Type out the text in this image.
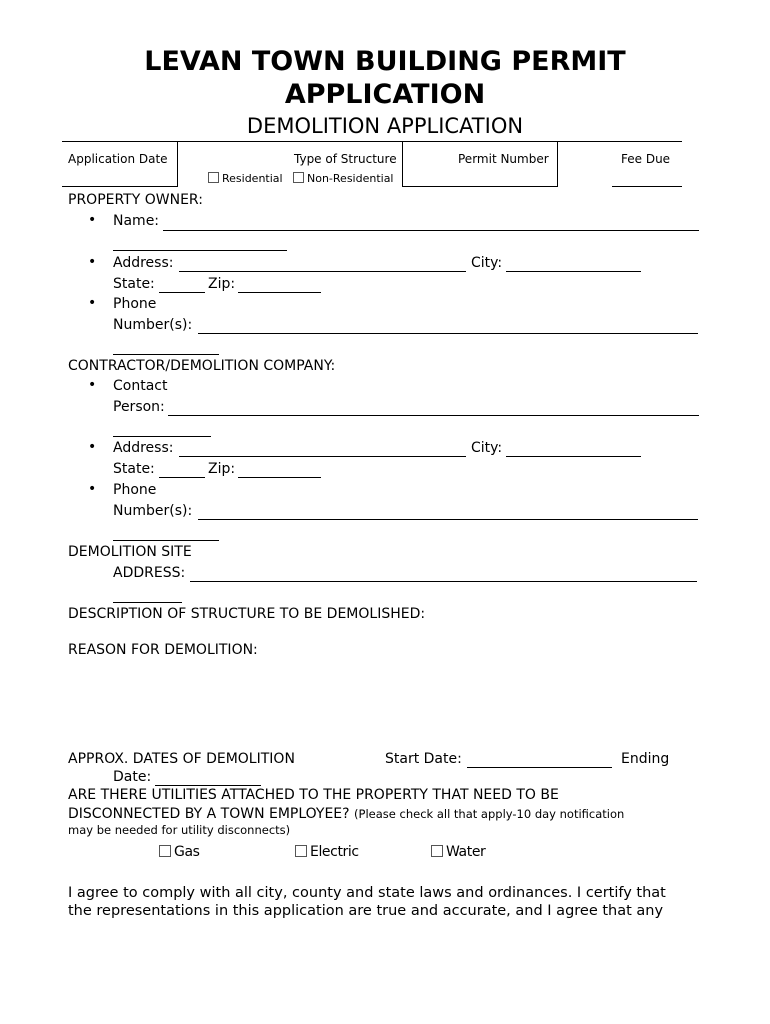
LEVAN TOWN BUILDING PERMIT
APPLICATION
DEMOLITION APPLICATION
Application Date	Type of Structure	Permit Number	Fee Due
Residential	Non-Residential
PROPERTY OWNER:
• Name:
• Address:	City:
State:	Zip:
• Phone
Number(s):
CONTRACTOR/DEMOLITION COMPANY:
• Contact
Person:
• Address:	City:
State:	Zip:
• Phone
Number(s):
DEMOLITION SITE
ADDRESS:
DESCRIPTION OF STRUCTURE TO BE DEMOLISHED:
REASON FOR DEMOLITION:
APPROX. DATES OF DEMOLITION	Start Date:	Ending
Date:
ARE THERE UTILITIES ATTACHED TO THE PROPERTY THAT NEED TO BE
DISCONNECTED BY A TOWN EMPLOYEE? (Please check all that apply-10 day notification
may be needed for utility disconnects)
Gas	Electric	Water
I agree to comply with all city, county and state laws and ordinances. I certify that
the representations in this application are true and accurate, and I agree that any
